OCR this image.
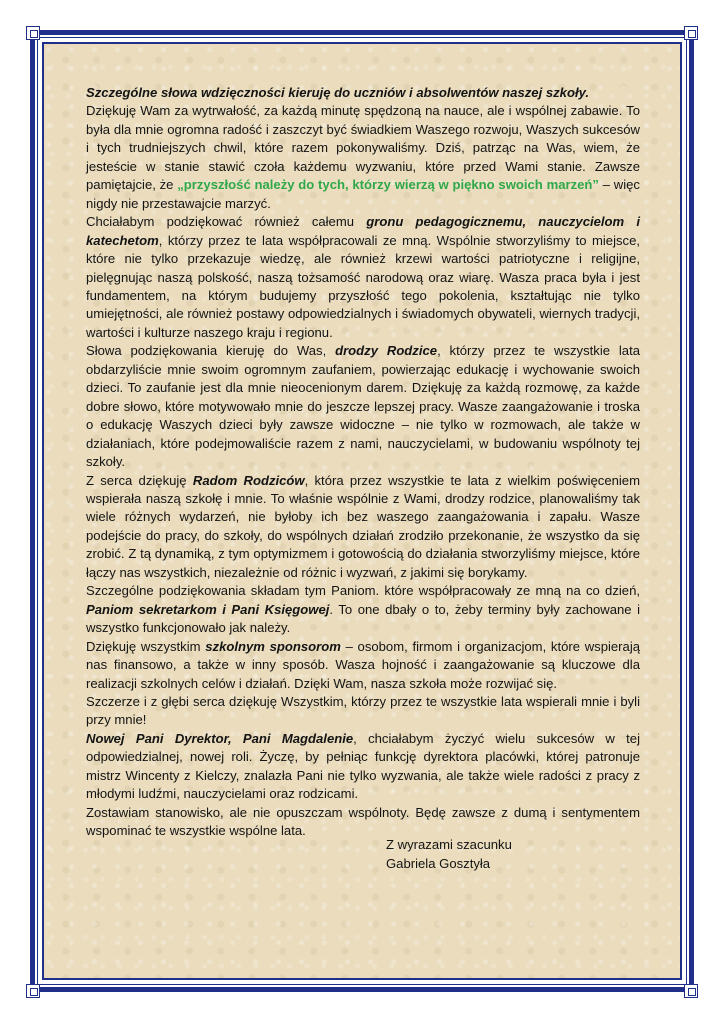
Szczególne słowa wdzięczności kieruję do uczniów i absolwentów naszej szkoły.

Dziękuję Wam za wytrwałość, za każdą minutę spędzoną na nauce, ale i wspólnej zabawie. To była dla mnie ogromna radość i zaszczyt być świadkiem Waszego rozwoju, Waszych sukcesów i tych trudniejszych chwil, które razem pokonywaliśmy. Dziś, patrząc na Was, wiem, że jesteście w stanie stawić czoła każdemu wyzwaniu, które przed Wami stanie. Zawsze pamiętajcie, że „przyszłość należy do tych, którzy wierzą w piękno swoich marzeń” – więc nigdy nie przestawajcie marzyć.

Chciałabym podziękować również całemu gronu pedagogicznemu, nauczycielom i katechetom, którzy przez te lata współpracowali ze mną. Wspólnie stworzyliśmy to miejsce, które nie tylko przekazuje wiedzę, ale również krzewi wartości patriotyczne i religijne, pielęgnując naszą polskość, naszą tożsamość narodową oraz wiarę. Wasza praca była i jest fundamentem, na którym budujemy przyszłość tego pokolenia, kształtując nie tylko umiejętności, ale również postawy odpowiedzialnych i świadomych obywateli, wiernych tradycji, wartości i kulturze naszego kraju i regionu.

Słowa podziękowania kieruję do Was, drodzy Rodzice, którzy przez te wszystkie lata obdarzyliście mnie swoim ogromnym zaufaniem, powierzając edukację i wychowanie swoich dzieci. To zaufanie jest dla mnie nieocenionym darem. Dziękuję za każdą rozmowę, za każde dobre słowo, które motywowało mnie do jeszcze lepszej pracy. Wasze zaangażowanie i troska o edukację Waszych dzieci były zawsze widoczne – nie tylko w rozmowach, ale także w działaniach, które podejmowaliście razem z nami, nauczycielami, w budowaniu wspólnoty tej szkoły.

Z serca dziękuję Radom Rodziców, która przez wszystkie te lata z wielkim poświęceniem wspierała naszą szkołę i mnie. To właśnie wspólnie z Wami, drodzy rodzice, planowaliśmy tak wiele różnych wydarzeń, nie byłoby ich bez waszego zaangażowania i zapału. Wasze podejście do pracy, do szkoły, do wspólnych działań zrodziło przekonanie, że wszystko da się zrobić. Z tą dynamiką, z tym optymizmem i gotowością do działania stworzyliśmy miejsce, które łączy nas wszystkich, niezależnie od różnic i wyzwań, z jakimi się borykamy.

Szczególne podziękowania składam tym Paniom. które współpracowały ze mną na co dzień, Paniom sekretarkom i Pani Księgowej. To one dbały o to, żeby terminy były zachowane i wszystko funkcjonowało jak należy.

Dziękuję wszystkim szkolnym sponsorom – osobom, firmom i organizacjom, które wspierają nas finansowo, a także w inny sposób. Wasza hojność i zaangażowanie są kluczowe dla realizacji szkolnych celów i działań. Dzięki Wam, nasza szkoła może rozwijać się.

Szczerze i z głębi serca dziękuję Wszystkim, którzy przez te wszystkie lata wspierali mnie i byli przy mnie!

Nowej Pani Dyrektor, Pani Magdalenie, chciałabym życzyć wielu sukcesów w tej odpowiedzialnej, nowej roli. Życzę, by pełniąc funkcję dyrektora placówki, której patronuje mistrz Wincenty z Kielczy, znalazła Pani nie tylko wyzwania, ale także wiele radości z pracy z młodymi ludźmi, nauczycielami oraz rodzicami.

Zostawiam stanowisko, ale nie opuszczam wspólnoty. Będę zawsze z dumą i sentymentem wspominać te wszystkie wspólne lata.

Z wyrazami szacunku
Gabriela Gosztyła
